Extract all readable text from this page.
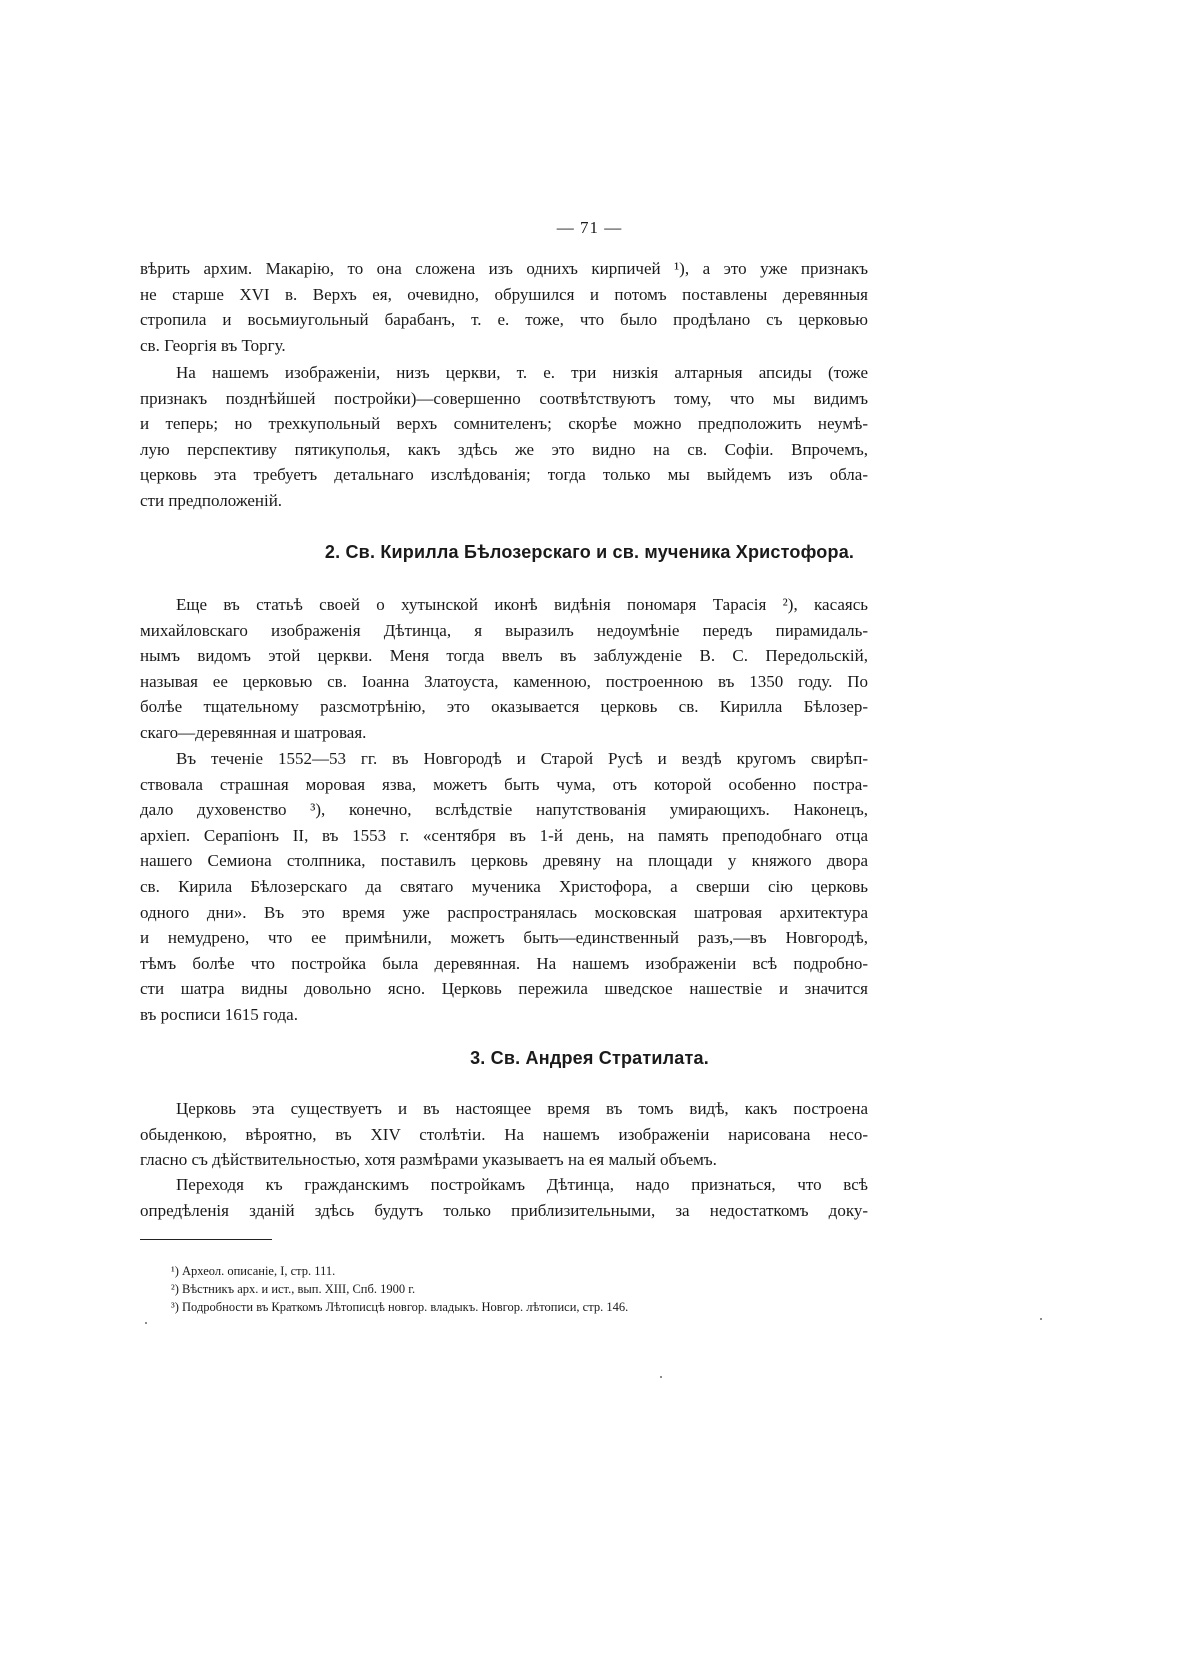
— 71 —
вѣрить архим. Макарію, то она сложена изъ однихъ кирпичей ¹), а это уже признакъ
не старше XVI в. Верхъ ея, очевидно, обрушился и потомъ поставлены деревянныя
стропила и восьмиугольный барабанъ, т. е. тоже, что было продѣлано съ церковью
св. Георгія въ Торгу.
На нашемъ изображеніи, низъ церкви, т. е. три низкія алтарныя апсиды (тоже
признакъ позднѣйшей постройки)—совершенно соотвѣтствуютъ тому, что мы видимъ
и теперь; но трехкупольный верхъ сомнителенъ; скорѣе можно предположить неумѣ-
лую перспективу пятикуполья, какъ здѣсь же это видно на св. Софіи. Впрочемъ,
церковь эта требуетъ детальнаго изслѣдованія; тогда только мы выйдемъ изъ обла-
сти предположеній.
2. Св. Кирилла Бѣлозерскаго и св. мученика Христофора.
Еще въ статьѣ своей о хутынской иконѣ видѣнія пономаря Тарасія ²), касаясь
михайловскаго изображенія Дѣтинца, я выразилъ недоумѣніе передъ пирамидаль-
нымъ видомъ этой церкви. Меня тогда ввелъ въ заблужденіе В. С. Передольскій,
называя ее церковью св. Іоанна Златоуста, каменною, построенною въ 1350 году. По
болѣе тщательному разсмотрѣнію, это оказывается церковь св. Кирилла Бѣлозер-
скаго—деревянная и шатровая.
Въ теченіе 1552—53 гг. въ Новгородѣ и Старой Русѣ и вездѣ кругомъ свирѣп-
ствовала страшная моровая язва, можетъ быть чума, отъ которой особенно постра-
дало духовенство ³), конечно, вслѣдствіе напутствованія умирающихъ. Наконецъ,
архіеп. Серапіонъ II, въ 1553 г. «сентября въ 1-й день, на память преподобнаго отца
нашего Семиона столпника, поставилъ церковь древяну на площади у княжого двора
св. Кирила Бѣлозерскаго да святаго мученика Христофора, а сверши сію церковь
одного дни». Въ это время уже распространялась московская шатровая архитектура
и немудрено, что ее примѣнили, можетъ быть—единственный разъ,—въ Новгородѣ,
тѣмъ болѣе что постройка была деревянная. На нашемъ изображеніи всѣ подробно-
сти шатра видны довольно ясно. Церковь пережила шведское нашествіе и значится
въ росписи 1615 года.
3. Св. Андрея Стратилата.
Церковь эта существуетъ и въ настоящее время въ томъ видѣ, какъ построена
обыденкою, вѣроятно, въ XIV столѣтіи. На нашемъ изображеніи нарисована несо-
гласно съ дѣйствительностью, хотя размѣрами указываетъ на ея малый объемъ.
Переходя къ гражданскимъ постройкамъ Дѣтинца, надо признаться, что всѣ
опредѣленія зданій здѣсь будутъ только приблизительными, за недостаткомъ доку-
¹) Археол. описаніе, I, стр. 111.
²) Вѣстникъ арх. и ист., вып. XIII, Спб. 1900 г.
³) Подробности въ Краткомъ Лѣтописцѣ новгор. владыкъ. Новгор. лѣтописи, стр. 146.
